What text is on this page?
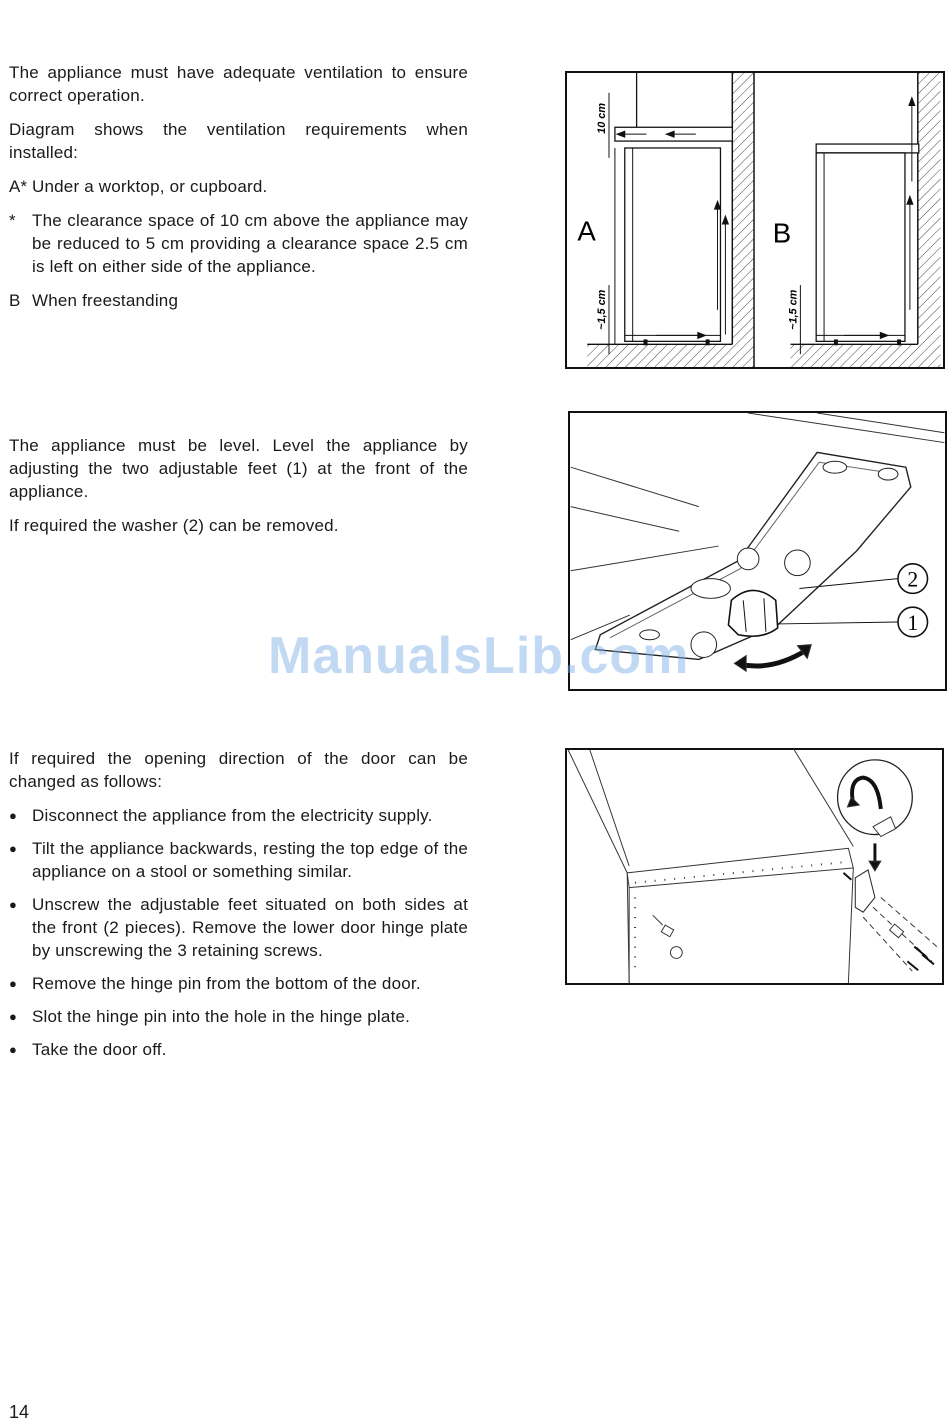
The appliance must have adequate ventilation to ensure correct operation.

Diagram shows the ventilation requirements when installed:

A* Under a worktop, or cupboard.
* The clearance space of 10 cm above the appliance may be reduced to 5 cm providing a clearance space 2.5 cm is left on either side of the appliance.
B When freestanding
10 cm
~1,5 cm
A
~1,5 cm
B

The appliance must be level. Level the appliance by adjusting the two adjustable feet (1) at the front of the appliance.

If required the washer (2) can be removed.

2
1
ManualsLib.com

If required the opening direction of the door can be changed as follows:

● Disconnect the appliance from the electricity supply.
● Tilt the appliance backwards, resting the top edge of the appliance on a stool or something similar.
● Unscrew the adjustable feet situated on both sides at the front (2 pieces). Remove the lower door hinge plate by unscrewing the 3 retaining screws.
● Remove the hinge pin from the bottom of the door.
● Slot the hinge pin into the hole in the hinge plate.
● Take the door off.
14
